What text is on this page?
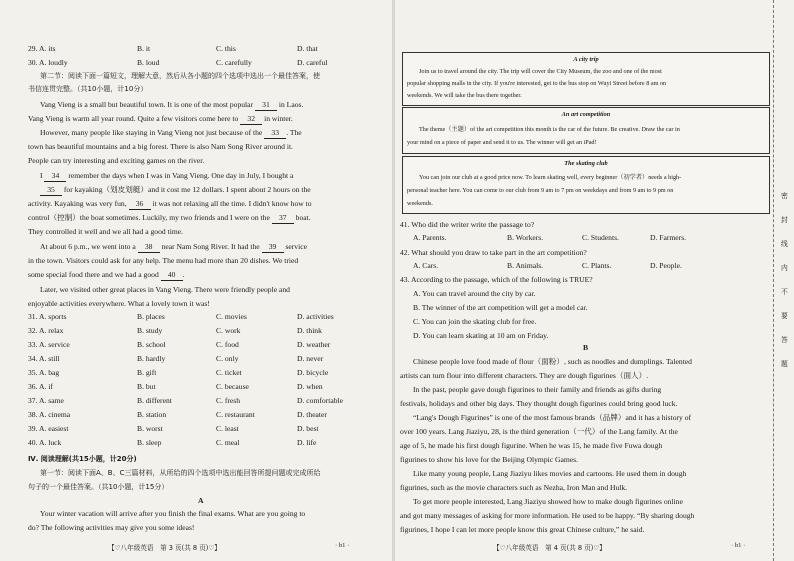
29. A. its	B. it	C. this	D. that
30. A. loudly	B. loud	C. carefully	D. careful
第二节：阅读下面一篇短文，理解大意，然后从各小题的四个选项中选出一个最佳答案，使
书信连贯完整。（共10小题，计10分）
Vang Vieng is a small but beautiful town. It is one of the most popular 31 in Laos.
Vang Vieng is warm all year round. Quite a few visitors come here to 32 in winter.
However, many people like staying in Vang Vieng not just because of the 33 . The
town has beautiful mountains and a big forest. There is also Nam Song River around it.
People can try interesting and exciting games on the river.
I 34 remember the days when I was in Vang Vieng. One day in July, I bought a
35 for kayaking（划皮划艇）and it cost me 12 dollars. I spent about 2 hours on the
activity. Kayaking was very fun, 36 it was not relaxing all the time. I didn't know how to
control（控制）the boat sometimes. Luckily, my two friends and I were on the 37 boat.
They controlled it well and we all had a good time.
At about 6 p.m., we went into a 38 near Nam Song River. It had the 39 service
in the town. Visitors could ask for any help. The menu had more than 20 dishes. We tried
some special food there and we had a good 40 .
Later, we visited other great places in Vang Vieng. There were friendly people and
enjoyable activities everywhere. What a lovely town it was!
31. A. sports	B. places	C. movies	D. activities
32. A. relax	B. study	C. work	D. think
33. A. service	B. school	C. food	D. weather
34. A. still	B. hardly	C. only	D. never
35. A. bag	B. gift	C. ticket	D. bicycle
36. A. if	B. but	C. because	D. when
37. A. same	B. different	C. fresh	D. comfortable
38. A. cinema	B. station	C. restaurant	D. theater
39. A. easiest	B. worst	C. least	D. best
40. A. luck	B. sleep	C. meal	D. life
Ⅳ. 阅读理解(共15小题，计20分)
第一节：阅读下面A、B、C三篇材料，从所给的四个选项中选出能回答所提问题或完成所给
句子的一个最佳答案。（共10小题，计15分）
A
Your winter vacation will arrive after you finish the final exams. What are you going to
do? The following activities may give you some ideas!
【♡八年级英语　第 3 页(共 8 页)♡】	· b1 ·
A city trip
Join us to travel around the city. The trip will cover the City Museum, the zoo and one of the most
popular shopping malls in the city. If you're interested, get to the bus stop on Wuyi Street before 8 am on
weekends. We will take the bus there together.
An art competition
The theme（主题）of the art competition this month is the car of the future. Be creative. Draw the car in
your mind on a piece of paper and send it to us. The winner will get an iPad!
The skating club
You can join our club at a good price now. To learn skating well, every beginner（初学者）needs a high-
personal teacher here. You can come to our club from 9 am to 7 pm on weekdays and from 9 am to 9 pm on
weekends.
41. Who did the writer write the passage to?
A. Parents.	B. Workers.	C. Students.	D. Farmers.
42. What should you draw to take part in the art competition?
A. Cars.	B. Animals.	C. Plants.	D. People.
43. According to the passage, which of the following is TRUE?
A. You can travel around the city by car.
B. The winner of the art competition will get a model car.
C. You can join the skating club for free.
D. You can learn skating at 10 am on Friday.
B
Chinese people love food made of flour（面粉）, such as noodles and dumplings. Talented
artists can turn flour into different characters. They are dough figurines（面人）.
In the past, people gave dough figurines to their family and friends as gifts during
festivals, holidays and other big days. They thought dough figurines could bring good luck.
“Lang's Dough Figurines” is one of the most famous brands（品牌）and it has a history of
over 100 years. Lang Jiaziyu, 28, is the third generation（一代）of the Lang family. At the
age of 5, he made his first dough figurine. When he was 15, he made five Fuwa dough
figurines to show his love for the Beijing Olympic Games.
Like many young people, Lang Jiaziyu likes movies and cartoons. He used them in dough
figurines, such as the movie characters such as Nezha, Iron Man and Hulk.
To get more people interested, Lang Jiaziyu showed how to make dough figurines online
and got many messages of asking for more information. He used to be happy. “By sharing dough
figurines, I hope I can let more people know this great Chinese culture,” he said.
【♡八年级英语　第 4 页(共 8 页)♡】	· b1 ·
密
封
线
内
不
要
答
题
